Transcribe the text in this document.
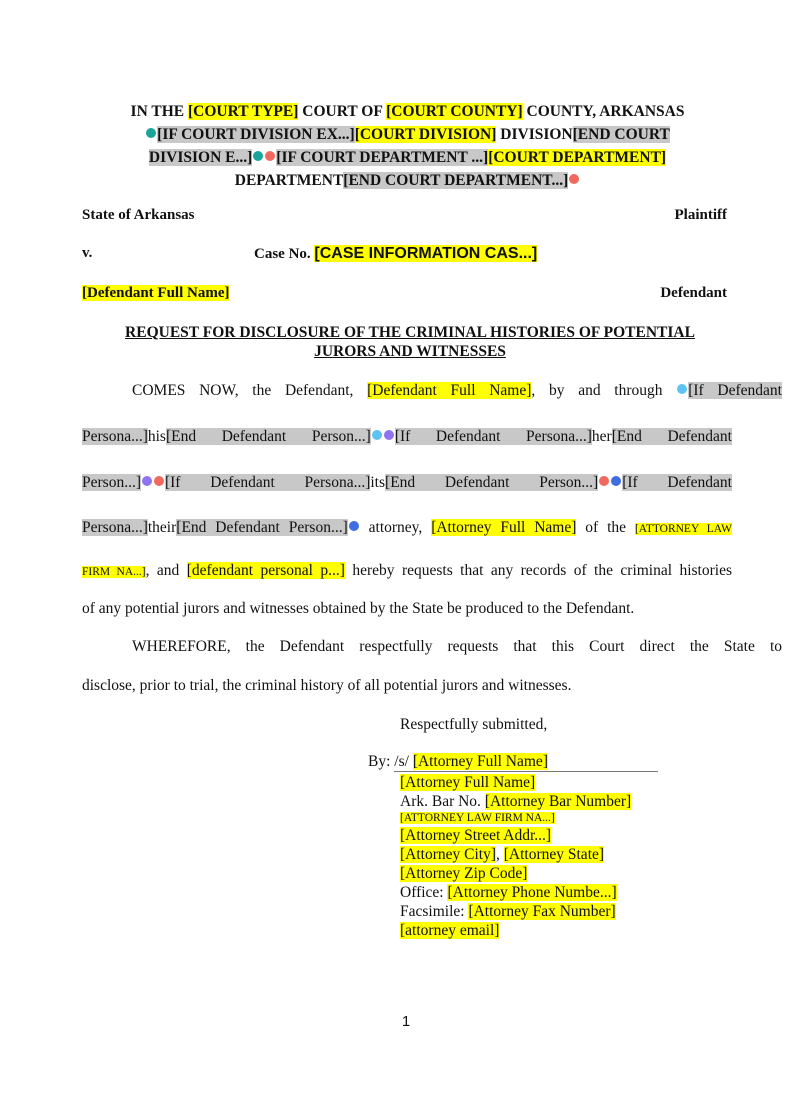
IN THE [COURT TYPE] COURT OF [COURT COUNTY] COUNTY, ARKANSAS
[IF COURT DIVISION EX...][COURT DIVISION] DIVISION[END COURT
DIVISION E...] [IF COURT DEPARTMENT ...][COURT DEPARTMENT]
DEPARTMENT[END COURT DEPARTMENT...]
State of Arkansas	Plaintiff
v.	Case No. [CASE INFORMATION CAS...]
[Defendant Full Name]	Defendant
REQUEST FOR DISCLOSURE OF THE CRIMINAL HISTORIES OF POTENTIAL
JURORS AND WITNESSES
COMES NOW, the Defendant, [Defendant Full Name], by and through [If Defendant
Persona...]his[End Defendant Person...] [If Defendant Persona...]her[End Defendant
Person...] [If Defendant Persona...]its[End Defendant Person...] [If Defendant
Persona...]their[End Defendant Person...] attorney, [Attorney Full Name] of the [ATTORNEY LAW
FIRM NA...], and [defendant personal p...] hereby requests that any records of the criminal histories
of any potential jurors and witnesses obtained by the State be produced to the Defendant.
WHEREFORE, the Defendant respectfully requests that this Court direct the State to
disclose, prior to trial, the criminal history of all potential jurors and witnesses.
Respectfully submitted,
By: /s/ [Attorney Full Name]
[Attorney Full Name]
Ark. Bar No. [Attorney Bar Number]
[ATTORNEY LAW FIRM NA...]
[Attorney Street Addr...]
[Attorney City], [Attorney State]
[Attorney Zip Code]
Office: [Attorney Phone Numbe...]
Facsimile: [Attorney Fax Number]
[attorney email]
1
